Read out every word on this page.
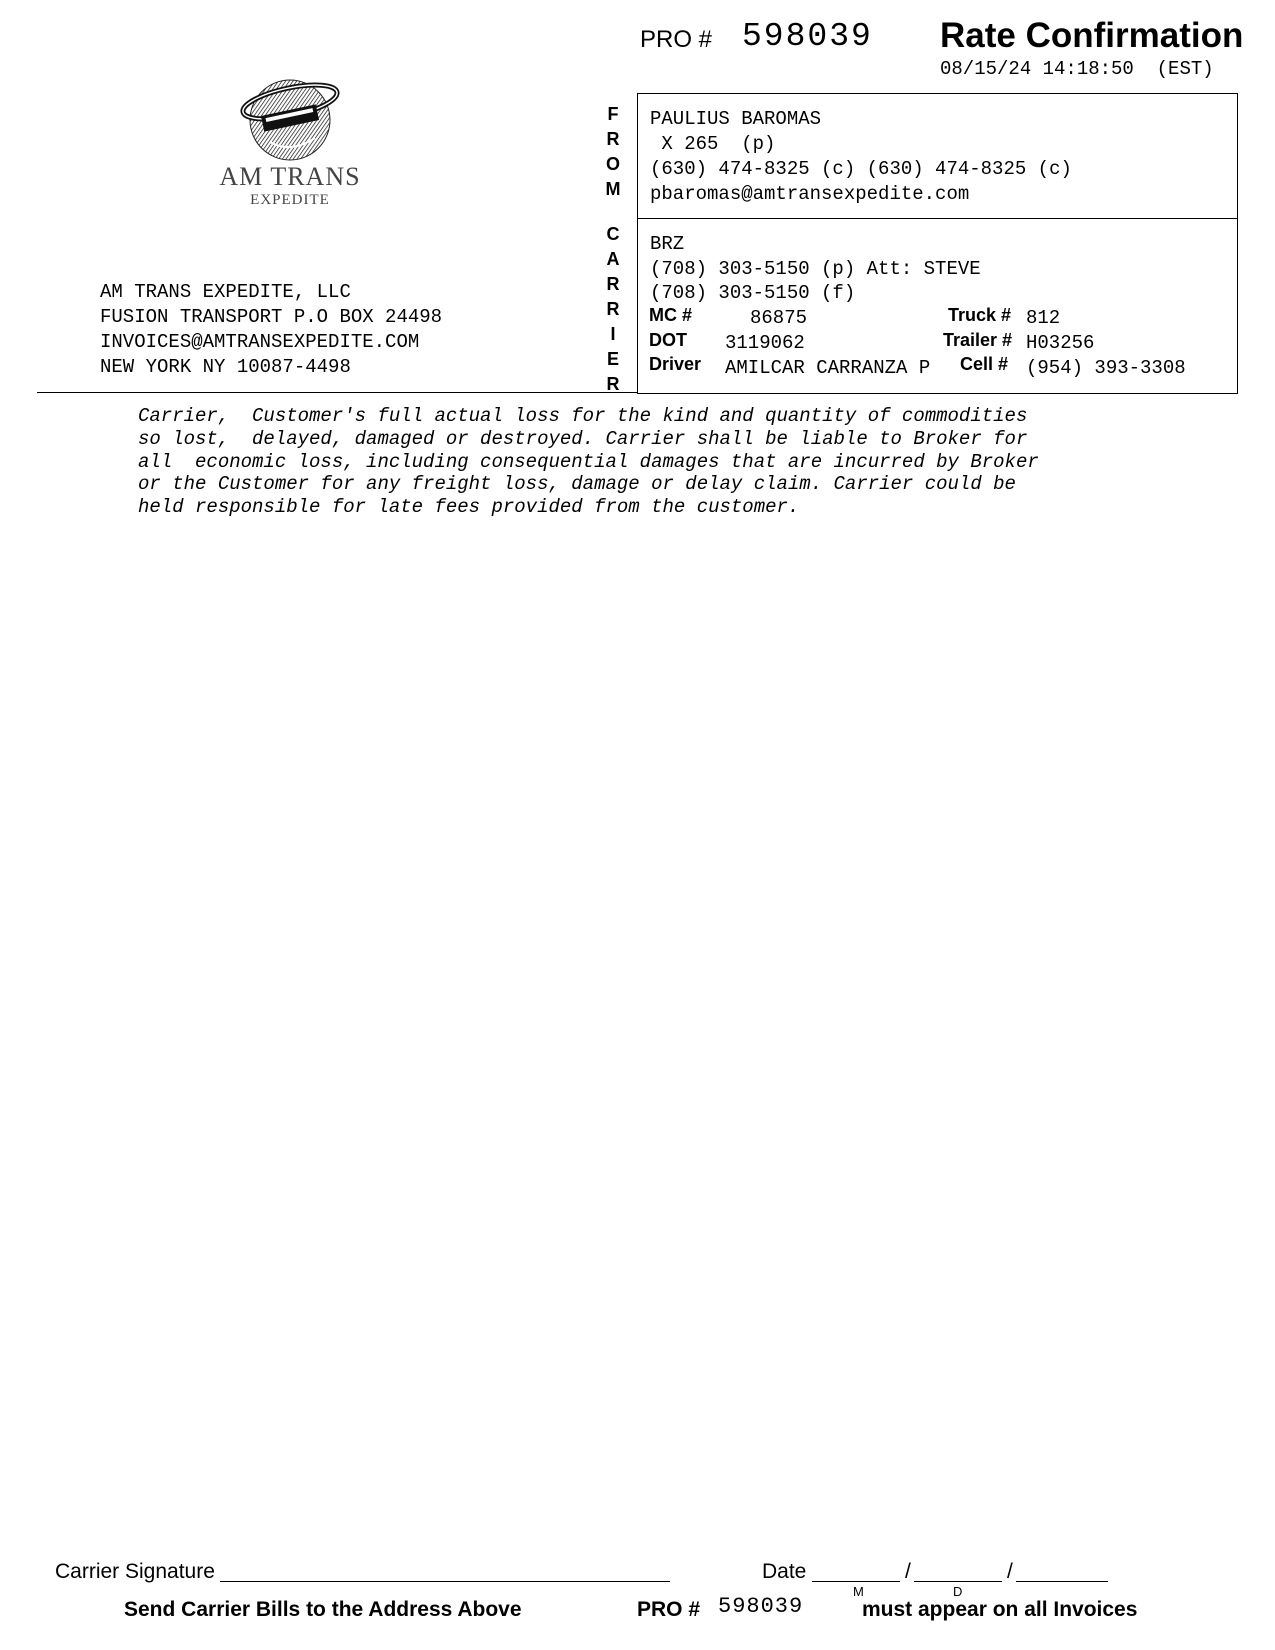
PRO # 598039 Rate Confirmation
08/15/24 14:18:50  (EST)
AM TRANS
EXPEDITE
AM TRANS EXPEDITE, LLC
FUSION TRANSPORT P.O BOX 24498
INVOICES@AMTRANSEXPEDITE.COM
NEW YORK NY 10087-4498
F
R
O
M
C
A
R
R
I
E
R
PAULIUS BAROMAS
X 265  (p)
(630) 474-8325 (c) (630) 474-8325 (c)
pbaromas@amtransexpedite.com
BRZ
(708) 303-5150 (p) Att: STEVE
(708) 303-5150 (f)
MC #	86875	Truck # 812
DOT 3119062	Trailer # H03256
Driver AMILCAR CARRANZA P Cell # (954) 393-3308
Carrier,  Customer's full actual loss for the kind and quantity of commodities
so lost,  delayed, damaged or destroyed. Carrier shall be liable to Broker for
all  economic loss, including consequential damages that are incurred by Broker
or the Customer for any freight loss, damage or delay claim. Carrier could be
held responsible for late fees provided from the customer.
Carrier Signature	Date	/	/
M	D
Send Carrier Bills to the Address Above	PRO # 598039	must appear on all Invoices
